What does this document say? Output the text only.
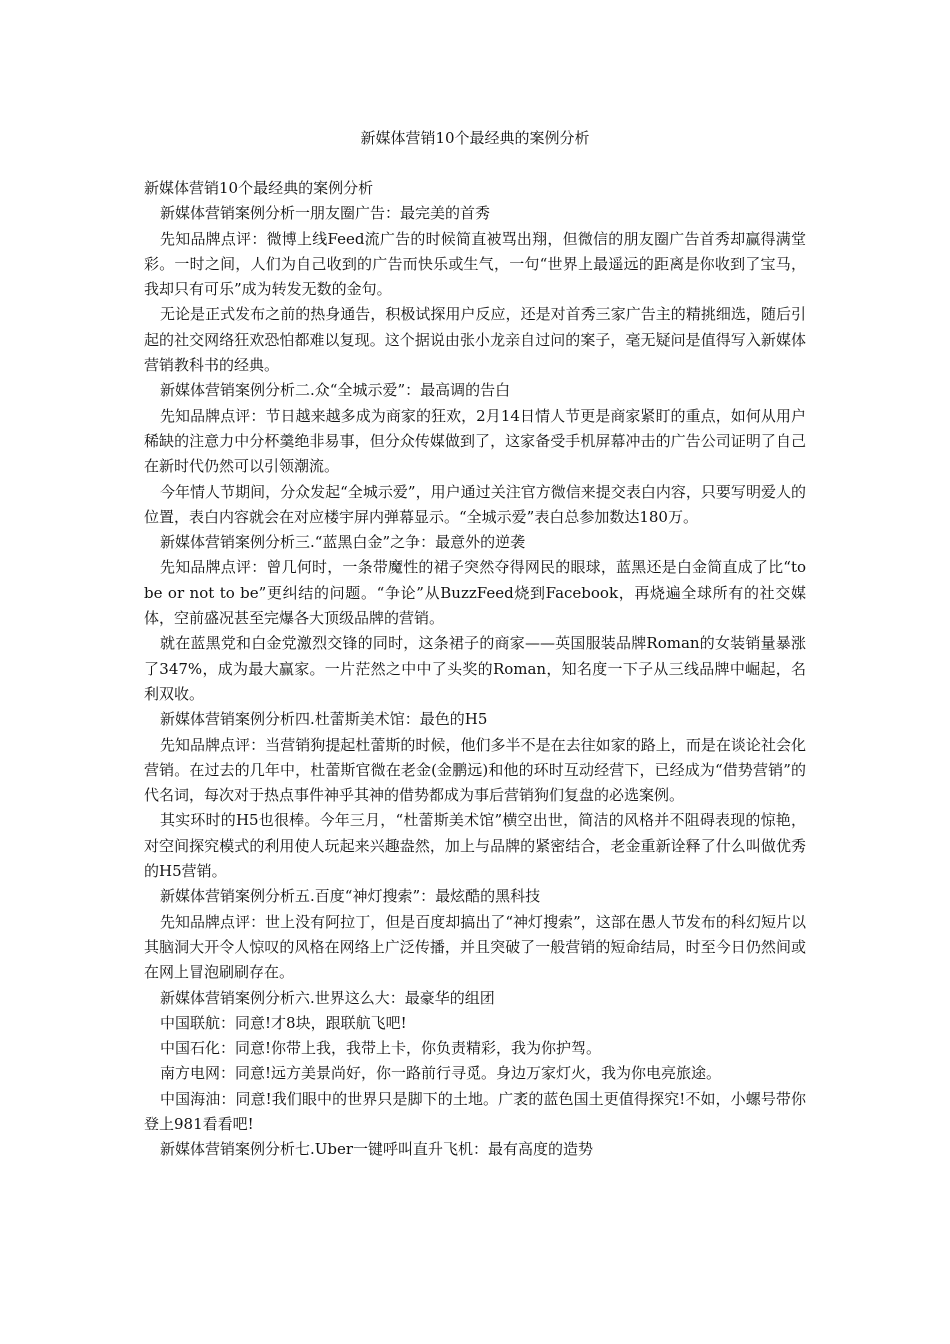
新媒体营销10个最经典的案例分析

新媒体营销10个最经典的案例分析

新媒体营销案例分析一朋友圈广告：最完美的首秀

先知品牌点评：微博上线Feed流广告的时候简直被骂出翔，但微信的朋友圈广告首秀却赢得满堂彩。一时之间，人们为自己收到的广告而快乐或生气，一句“世界上最遥远的距离是你收到了宝马，我却只有可乐”成为转发无数的金句。

无论是正式发布之前的热身通告，积极试探用户反应，还是对首秀三家广告主的精挑细选，随后引起的社交网络狂欢恐怕都难以复现。这个据说由张小龙亲自过问的案子，毫无疑问是值得写入新媒体营销教科书的经典。

新媒体营销案例分析二.众“全城示爱”：最高调的告白

先知品牌点评：节日越来越多成为商家的狂欢，2月14日情人节更是商家紧盯的重点，如何从用户稀缺的注意力中分杯羹绝非易事，但分众传媒做到了，这家备受手机屏幕冲击的广告公司证明了自己在新时代仍然可以引领潮流。

今年情人节期间，分众发起“全城示爱”，用户通过关注官方微信来提交表白内容，只要写明爱人的位置，表白内容就会在对应楼宇屏内弹幕显示。“全城示爱”表白总参加数达180万。

新媒体营销案例分析三.“蓝黑白金”之争：最意外的逆袭

先知品牌点评：曾几何时，一条带魔性的裙子突然夺得网民的眼球，蓝黑还是白金简直成了比“to be or not to be”更纠结的问题。“争论”从BuzzFeed烧到Facebook，再烧遍全球所有的社交媒体，空前盛况甚至完爆各大顶级品牌的营销。

就在蓝黑党和白金党激烈交锋的同时，这条裙子的商家——英国服装品牌Roman的女装销量暴涨了347%，成为最大赢家。一片茫然之中中了头奖的Roman，知名度一下子从三线品牌中崛起，名利双收。

新媒体营销案例分析四.杜蕾斯美术馆：最色的H5

先知品牌点评：当营销狗提起杜蕾斯的时候，他们多半不是在去往如家的路上，而是在谈论社会化营销。在过去的几年中，杜蕾斯官微在老金(金鹏远)和他的环时互动经营下，已经成为“借势营销”的代名词，每次对于热点事件神乎其神的借势都成为事后营销狗们复盘的必选案例。

其实环时的H5也很棒。今年三月，“杜蕾斯美术馆”横空出世，简洁的风格并不阻碍表现的惊艳，对空间探究模式的利用使人玩起来兴趣盎然，加上与品牌的紧密结合，老金重新诠释了什么叫做优秀的H5营销。

新媒体营销案例分析五.百度“神灯搜索”：最炫酷的黑科技

先知品牌点评：世上没有阿拉丁，但是百度却搞出了“神灯搜索”，这部在愚人节发布的科幻短片以其脑洞大开令人惊叹的风格在网络上广泛传播，并且突破了一般营销的短命结局，时至今日仍然间或在网上冒泡刷刷存在。

新媒体营销案例分析六.世界这么大：最豪华的组团

中国联航：同意!才8块，跟联航飞吧!

中国石化：同意!你带上我，我带上卡，你负责精彩，我为你护驾。

南方电网：同意!远方美景尚好，你一路前行寻觅。身边万家灯火，我为你电亮旅途。

中国海油：同意!我们眼中的世界只是脚下的土地。广袤的蓝色国土更值得探究!不如，小螺号带你登上981看看吧!

新媒体营销案例分析七.Uber一键呼叫直升飞机：最有高度的造势
